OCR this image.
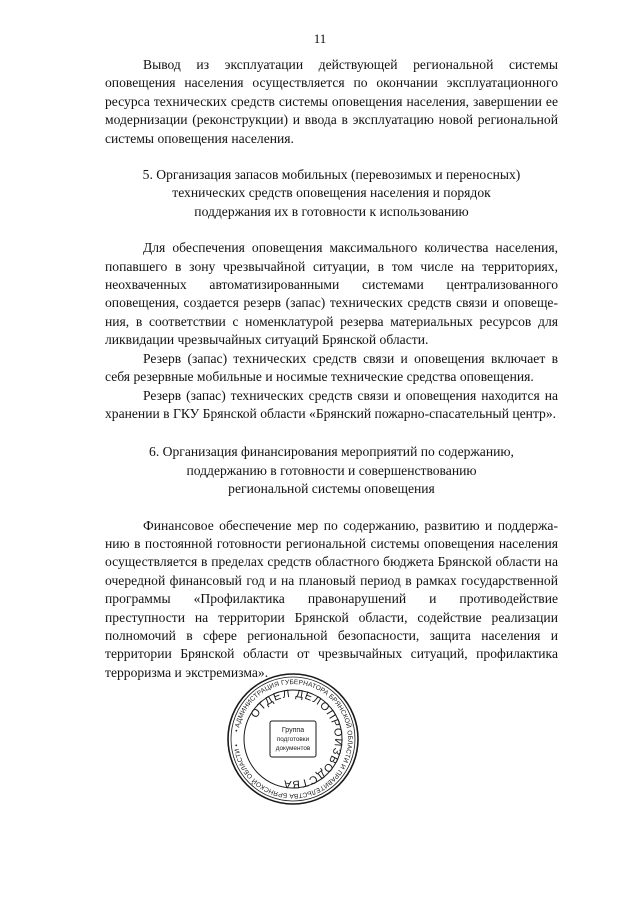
11

Вывод из эксплуатации действующей региональной системы оповещения населения осуществляется по окончании эксплуатационного ресурса технических средств системы оповещения населения, завершении ее модернизации (реконструкции) и ввода в эксплуатацию новой региональной системы оповещения населения.

5. Организация запасов мобильных (перевозимых и переносных)
технических средств оповещения населения и порядок
поддержания их в готовности к использованию

Для обеспечения оповещения максимального количества населения, попавшего в зону чрезвычайной ситуации, в том числе на территориях, неохваченных автоматизированными системами централизованного оповещения, создается резерв (запас) технических средств связи и оповещения, в соответствии с номенклатурой резерва материальных ресурсов для ликвидации чрезвычайных ситуаций Брянской области.

Резерв (запас) технических средств связи и оповещения включает в себя резервные мобильные и носимые технические средства оповещения.

Резерв (запас) технических средств связи и оповещения находится на хранении в ГКУ Брянской области «Брянский пожарно-спасательный центр».

6. Организация финансирования мероприятий по содержанию,
поддержанию в готовности и совершенствованию
региональной системы оповещения

Финансовое обеспечение мер по содержанию, развитию и поддержанию в постоянной готовности региональной системы оповещения населения осуществляется в пределах средств областного бюджета Брянской области на очередной финансовый год и на плановый период в рамках государственной программы «Профилактика правонарушений и противодействие преступности на территории Брянской области, содействие реализации полномочий в сфере региональной безопасности, защита населения и территории Брянской области от чрезвычайных ситуаций, профилактика терроризма и экстремизма».

• АДМИНИСТРАЦИЯ ГУБЕРНАТОРА БРЯНСКОЙ ОБЛАСТИ И ПРАВИТЕЛЬСТВА БРЯНСКОЙ ОБЛАСТИ •
ОТДЕЛ ДЕЛОПРОИЗВОДСТВА
Группа
подготовки
документов
